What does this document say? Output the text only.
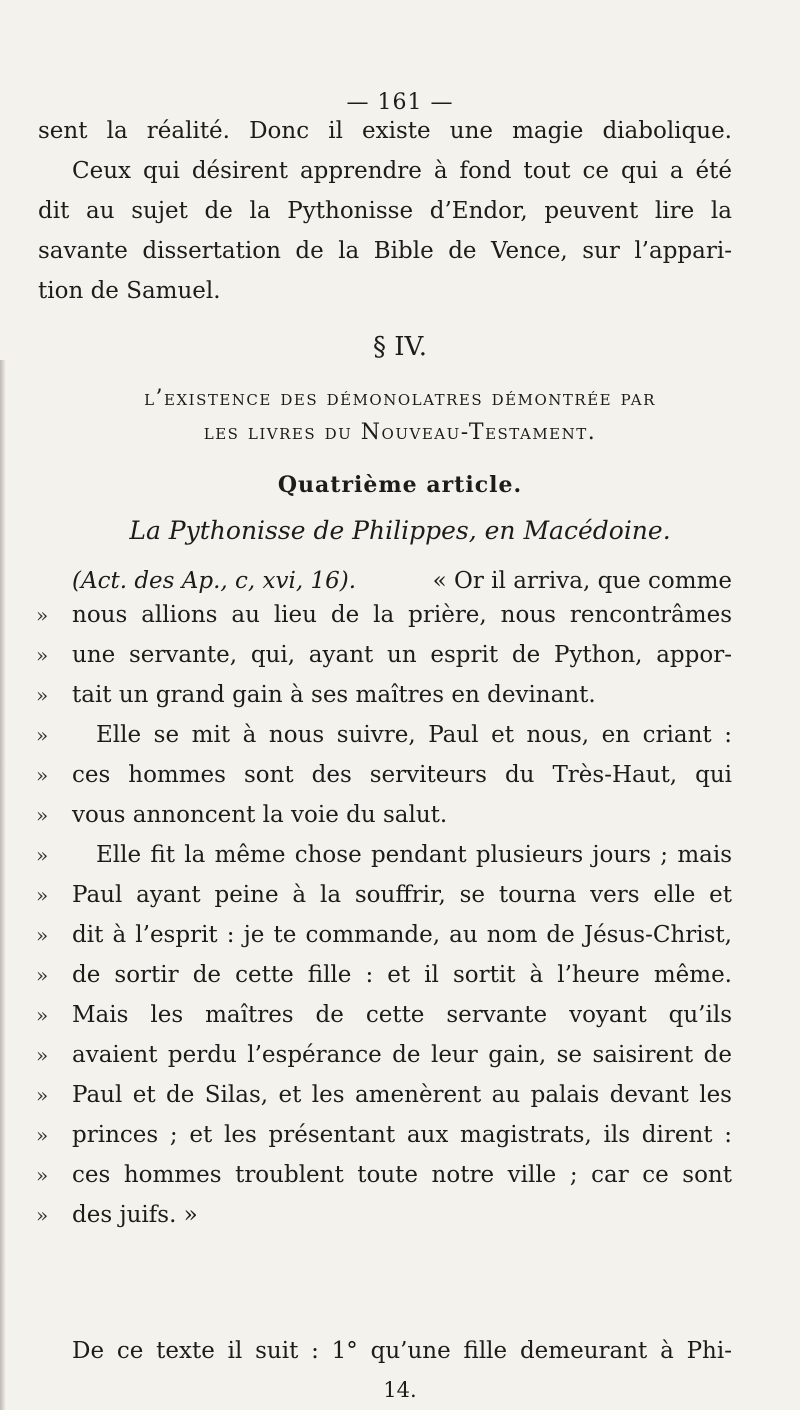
— 161 —
sent la réalité. Donc il existe une magie diabolique.
Ceux qui désirent apprendre à fond tout ce qui a été
dit au sujet de la Pythonisse d’Endor, peuvent lire la
savante dissertation de la Bible de Vence, sur l’appari-
tion de Samuel.
§ IV.
l’existence des démonolatres démontrée par
les livres du Nouveau-Testament.
Quatrième article.
La Pythonisse de Philippes, en Macédoine.
(Act. des Ap., c, xvi, 16).	« Or il arriva, que comme
» nous allions au lieu de la prière, nous rencontrâmes
» une servante, qui, ayant un esprit de Python, appor-
» tait un grand gain à ses maîtres en devinant.
» Elle se mit à nous suivre, Paul et nous, en criant :
» ces hommes sont des serviteurs du Très-Haut, qui
» vous annoncent la voie du salut.
» Elle fit la même chose pendant plusieurs jours ; mais
» Paul ayant peine à la souffrir, se tourna vers elle et
» dit à l’esprit : je te commande, au nom de Jésus-Christ,
» de sortir de cette fille : et il sortit à l’heure même.
» Mais les maîtres de cette servante voyant qu’ils
» avaient perdu l’espérance de leur gain, se saisirent de
» Paul et de Silas, et les amenèrent au palais devant les
» princes ; et les présentant aux magistrats, ils dirent :
» ces hommes troublent toute notre ville ; car ce sont
» des juifs. »
De ce texte il suit : 1° qu’une fille demeurant à Phi-
14.
